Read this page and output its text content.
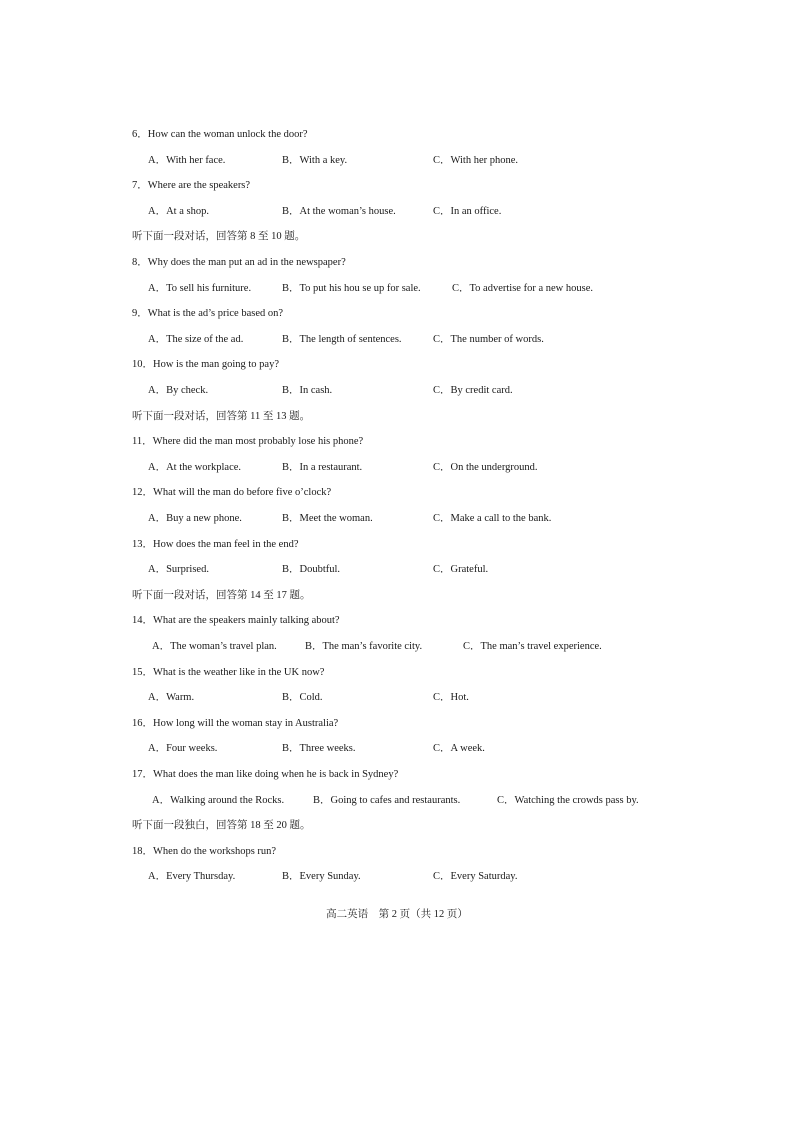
高二英语　第 2 页（共 12 页）
6．How can the woman unlock the door?
A．With her face.	B．With a key.	C．With her phone.
7．Where are the speakers?
A．At a shop.	B．At the woman’s house.	C．In an office.
听下面一段对话，回答第 8 至 10 题。
8．Why does the man put an ad in the newspaper?
A．To sell his furniture.	B．To put his hou se up for sale.	C．To advertise for a new house.
9．What is the ad’s price based on?
A．The size of the ad.	B．The length of sentences.	C．The number of words.
10．How is the man going to pay?
A．By check.	B．In cash.	C．By credit card.
听下面一段对话，回答第 11 至 13 题。
11．Where did the man most probably lose his phone?
A．At the workplace.	B．In a restaurant.	C．On the underground.
12．What will the man do before five o’clock?
A．Buy a new phone.	B．Meet the woman.	C．Make a call to the bank.
13．How does the man feel in the end?
A．Surprised.	B．Doubtful.	C．Grateful.
听下面一段对话，回答第 14 至 17 题。
14．What are the speakers mainly talking about?
A．The woman’s travel plan.	B．The man’s favorite city.	C．The man’s travel experience.
15．What is the weather like in the UK now?
A．Warm.	B．Cold.	C．Hot.
16．How long will the woman stay in Australia?
A．Four weeks.	B．Three weeks.	C．A week.
17．What does the man like doing when he is back in Sydney?
A．Walking around the Rocks.	B．Going to cafes and restaurants.	C．Watching the crowds pass by.
听下面一段独白，回答第 18 至 20 题。
18．When do the workshops run?
A．Every Thursday.	B．Every Sunday.	C．Every Saturday.
